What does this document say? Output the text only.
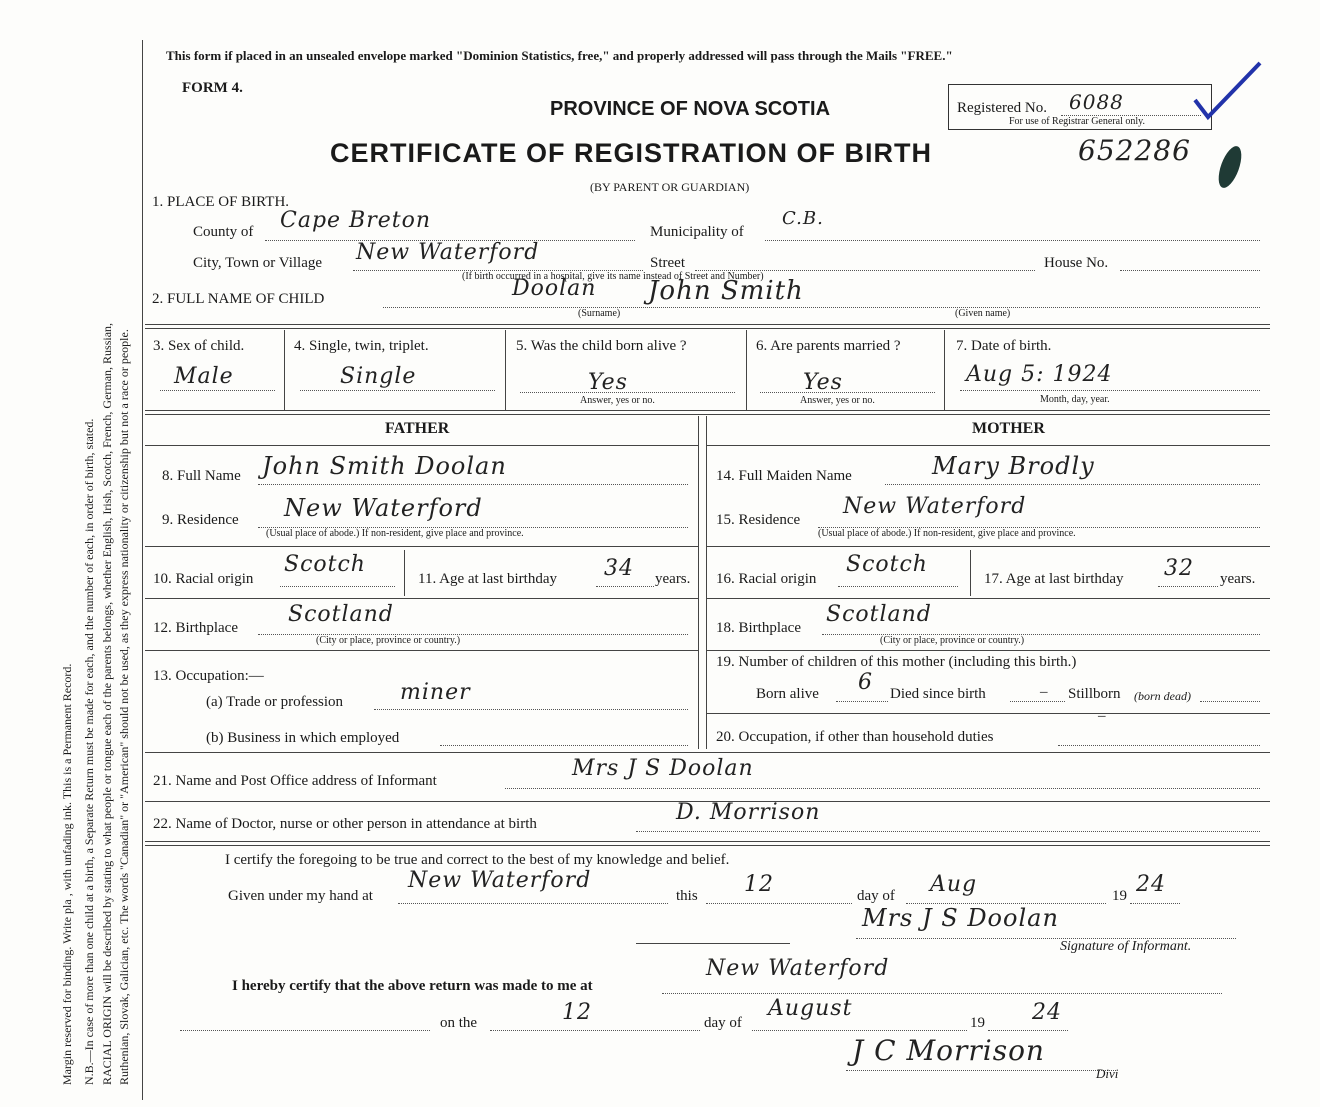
Margin reserved for binding. Write pla , with unfading ink. This is a Permanent Record. N.B.—In case of more than one child at a birth, a Separate Return must be made for each, and the number of each, in order of birth, stated. RACIAL ORIGIN will be described by stating to what people or tongue each of the parents belongs, whether English, Irish, Scotch, French, German, Russian, Ruthenian, Slovak, Galician, etc. The words "Canadian" or "American" should not be used, as they express nationality or citizenship but not a race or people.
This form if placed in an unsealed envelope marked "Dominion Statistics, free," and properly addressed will pass through the Mails "FREE."
FORM 4.
PROVINCE OF NOVA SCOTIA	Registered No. 6088
For use of Registrar General only.
CERTIFICATE OF REGISTRATION OF BIRTH	652286
(BY PARENT OR GUARDIAN)
1. PLACE OF BIRTH.
County of Cape Breton	Municipality of
C.B.
City, Town or Village New Waterford	Street	House No.
(If birth occurred in a hospital, give its name instead of Street and Number)
2. FULL NAME OF CHILD	Doolan John Smith
(Surname)	(Given name)
3. Sex of child.
Male
4. Single, twin, triplet.
Single
5. Was the child born alive ?
Yes
Answer, yes or no.
6. Are parents married ?
Yes
Answer, yes or no.
7. Date of birth.
Aug 5: 1924
Month, day, year.
FATHER	MOTHER
8. Full Name John Smith Doolan
9. Residence New Waterford
(Usual place of abode.) If non-resident, give place and province.
10. Racial origin
Scotch
11. Age at last birthday 34 years.
12. Birthplace
Scotland
(City or place, province or country.)
13. Occupation:—
(a) Trade or profession	miner
(b) Business in which employed
14. Full Maiden Name	Mary Brodly
15. Residence
New Waterford
(Usual place of abode.) If non-resident, give place and province.
16. Racial origin
Scotch
17. Age at last birthday 32 years.
18. Birthplace
Scotland
(City or place, province or country.)
19. Number of children of this mother (including this birth.)
Born alive 6 Died since birth	– Stillborn (born dead)
20. Occupation, if other than household duties
–
21. Name and Post Office address of Informant	Mrs J S Doolan
22. Name of Doctor, nurse or other person in attendance at birth	D. Morrison
I certify the foregoing to be true and correct to the best of my knowledge and belief.
Given under my hand at
New Waterford
this 12	day of Aug	19 24
Mrs J S Doolan
Signature of Informant.
I hereby certify that the above return was made to me at
New Waterford
on the	12	day of
August
19 24
J C Morrison
Divi
